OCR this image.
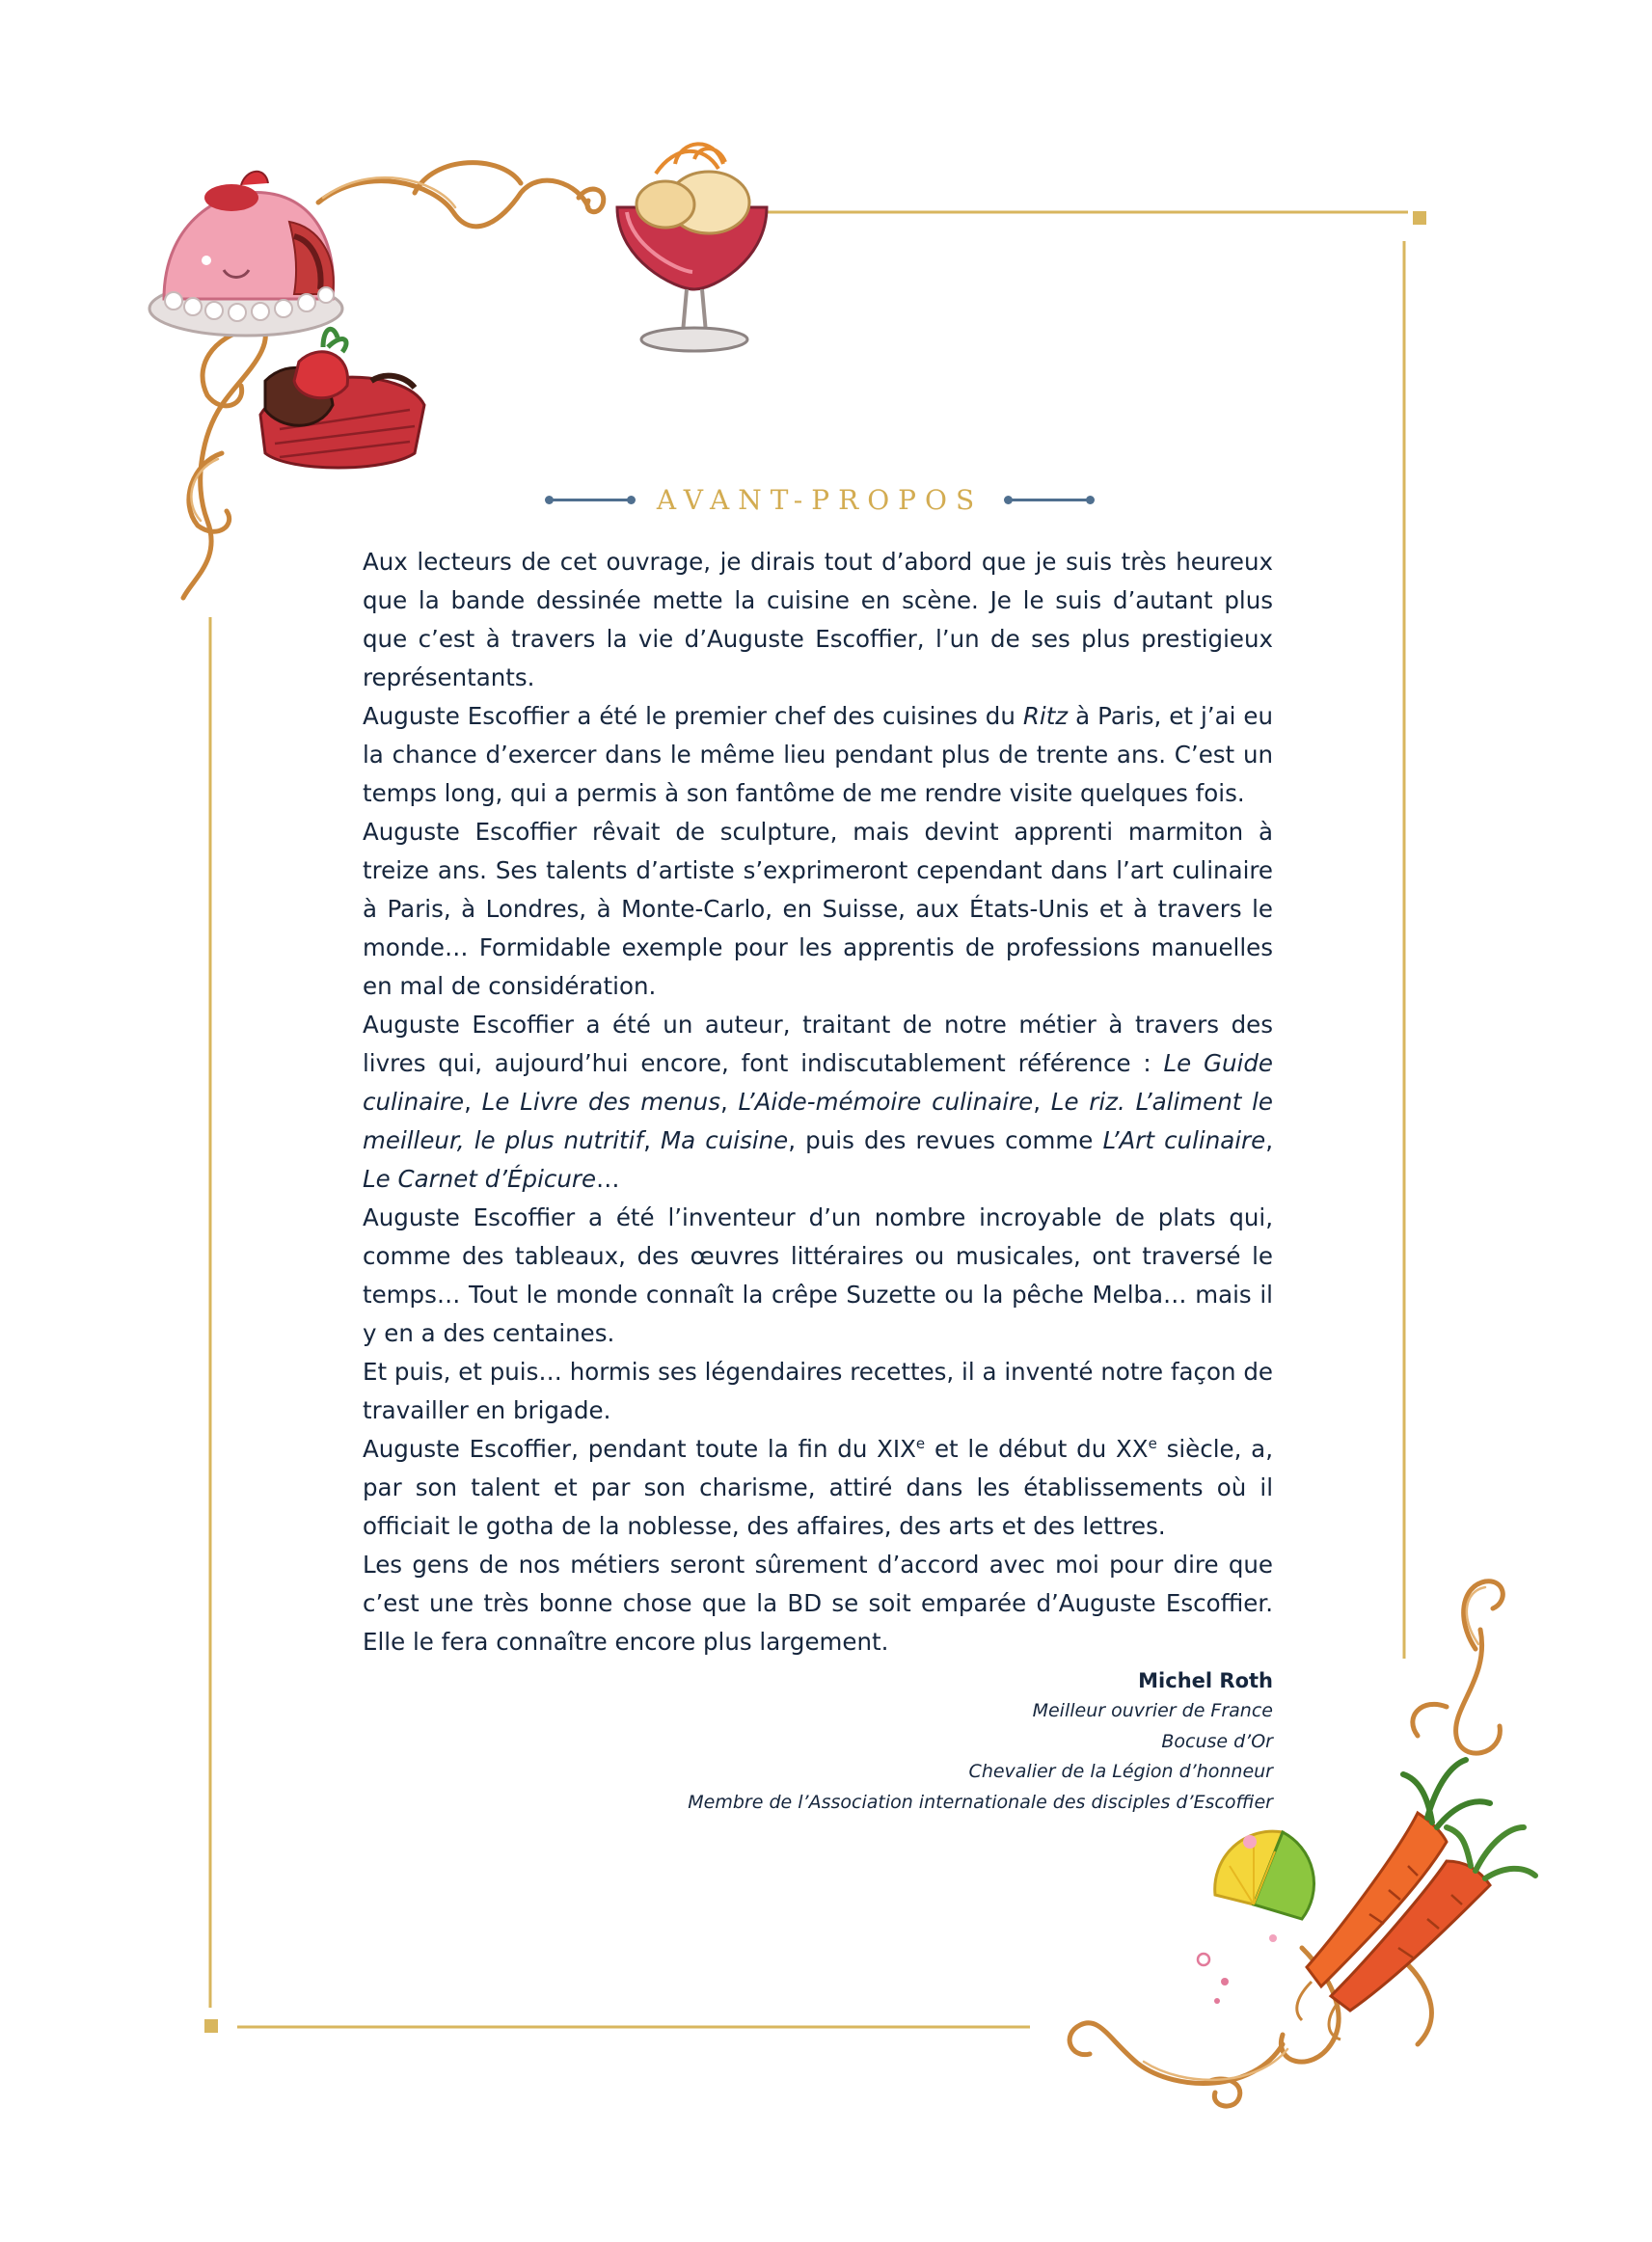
AVANT-PROPOS

Aux lecteurs de cet ouvrage, je dirais tout d’abord que je suis très heureux que la bande dessinée mette la cuisine en scène. Je le suis d’autant plus que c’est à travers la vie d’Auguste Escoffier, l’un de ses plus prestigieux représentants.

Auguste Escoffier a été le premier chef des cuisines du Ritz à Paris, et j’ai eu la chance d’exercer dans le même lieu pendant plus de trente ans. C’est un temps long, qui a permis à son fantôme de me rendre visite quelques fois.

Auguste Escoffier rêvait de sculpture, mais devint apprenti marmiton à treize ans. Ses talents d’artiste s’exprimeront cependant dans l’art culinaire à Paris, à Londres, à Monte-Carlo, en Suisse, aux États-Unis et à travers le monde… Formidable exemple pour les apprentis de professions manuelles en mal de considération.

Auguste Escoffier a été un auteur, traitant de notre métier à travers des livres qui, aujourd’hui encore, font indiscutablement référence : Le Guide culinaire, Le Livre des menus, L’Aide-mémoire culinaire, Le riz. L’aliment le meilleur, le plus nutritif, Ma cuisine, puis des revues comme L’Art culinaire, Le Carnet d’Épicure…

Auguste Escoffier a été l’inventeur d’un nombre incroyable de plats qui, comme des tableaux, des œuvres littéraires ou musicales, ont traversé le temps… Tout le monde connaît la crêpe Suzette ou la pêche Melba… mais il y en a des centaines.

Et puis, et puis… hormis ses légendaires recettes, il a inventé notre façon de travailler en brigade.

Auguste Escoffier, pendant toute la fin du XIXe et le début du XXe siècle, a, par son talent et par son charisme, attiré dans les établissements où il officiait le gotha de la noblesse, des affaires, des arts et des lettres.

Les gens de nos métiers seront sûrement d’accord avec moi pour dire que c’est une très bonne chose que la BD se soit emparée d’Auguste Escoffier. Elle le fera connaître encore plus largement.

Michel Roth
Meilleur ouvrier de France
Bocuse d’Or
Chevalier de la Légion d’honneur
Membre de l’Association internationale des disciples d’Escoffier
